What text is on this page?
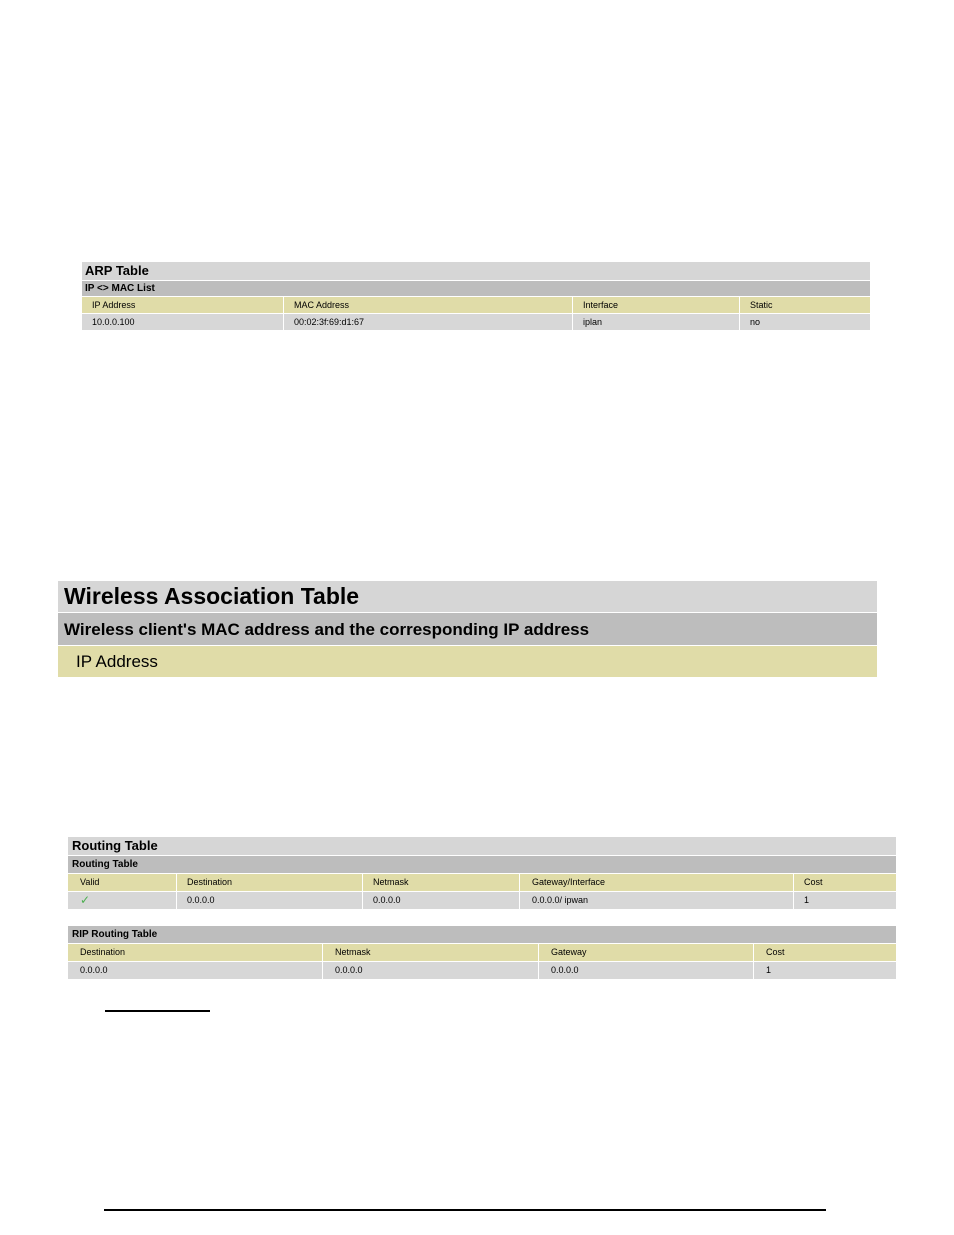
ARP Table
IP <> MAC List
IP Address	MAC Address	Interface	Static
10.0.0.100	00:02:3f:69:d1:67	iplan	no
Wireless Association Table
Wireless client's MAC address and the corresponding IP address
IP Address
Routing Table
Routing Table
Valid	Destination	Netmask	Gateway/Interface	Cost
✓	0.0.0.0	0.0.0.0	0.0.0.0/ ipwan	1
RIP Routing Table
Destination	Netmask	Gateway	Cost
0.0.0.0	0.0.0.0	0.0.0.0	1
